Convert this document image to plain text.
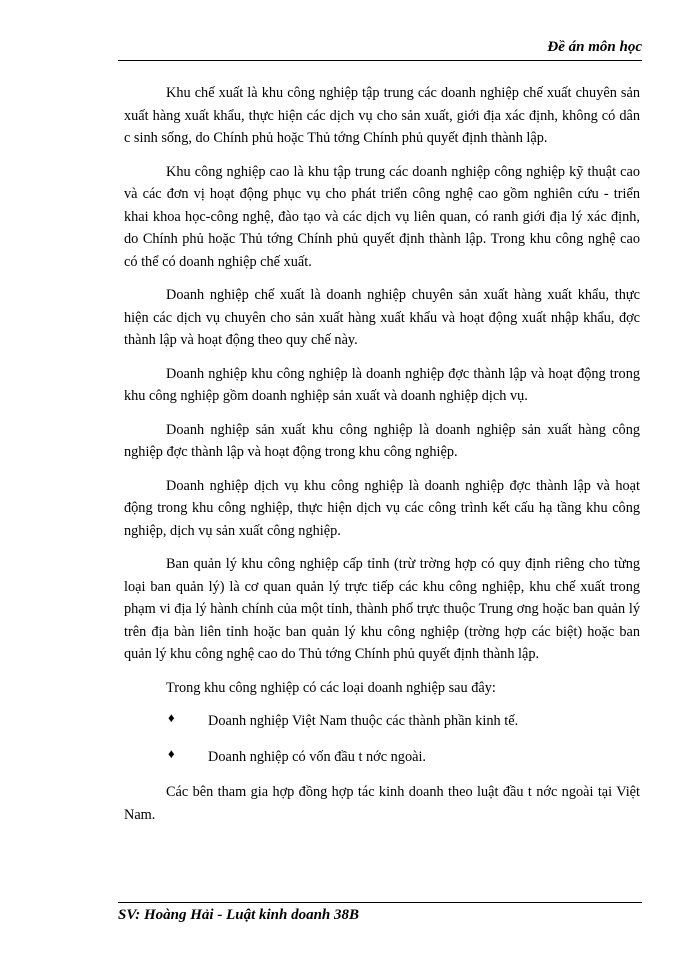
Đề án môn học

Khu chế xuất là khu công nghiệp tập trung các doanh nghiệp chế xuất chuyên sản xuất hàng xuất khẩu, thực hiện các dịch vụ cho sản xuất, giới địa xác định, không có dân c sinh sống, do Chính phủ hoặc Thủ tớng Chính phủ quyết định thành lập.

Khu công nghiệp cao là khu tập trung các doanh nghiệp công nghiệp kỹ thuật cao và các đơn vị hoạt động phục vụ cho phát triển công nghệ cao gồm nghiên cứu - triển khai khoa học-công nghệ, đào tạo và các dịch vụ liên quan, có ranh giới địa lý xác định, do Chính phủ hoặc Thủ tớng Chính phủ quyết định thành lập. Trong khu công nghệ cao có thể có doanh nghiệp chế xuất.

Doanh nghiệp chế xuất là doanh nghiệp chuyên sản xuất hàng xuất khẩu, thực hiện các dịch vụ chuyên cho sản xuất hàng xuất khẩu và hoạt động xuất nhập khẩu, đợc thành lập và hoạt động theo quy chế này.

Doanh nghiệp khu công nghiệp là doanh nghiệp đợc thành lập và hoạt động trong khu công nghiệp gồm doanh nghiệp sản xuất và doanh nghiệp dịch vụ.

Doanh nghiệp sản xuất khu công nghiệp là doanh nghiệp sản xuất hàng công nghiệp đợc thành lập và hoạt động trong khu công nghiệp.

Doanh nghiệp dịch vụ khu công nghiệp là doanh nghiệp đợc thành lập và hoạt động trong khu công nghiệp, thực hiện dịch vụ các công trình kết cấu hạ tầng khu công nghiệp, dịch vụ sản xuất công nghiệp.

Ban quản lý khu công nghiệp cấp tỉnh (trừ trờng hợp có quy định riêng cho từng loại ban quản lý) là cơ quan quản lý trực tiếp các khu công nghiệp, khu chế xuất trong phạm vi địa lý hành chính của một tỉnh, thành phố trực thuộc Trung ơng hoặc ban quản lý trên địa bàn liên tỉnh hoặc ban quản lý khu công nghiệp (trờng hợp các biệt) hoặc ban quản lý khu công nghệ cao do Thủ tớng Chính phủ quyết định thành lập.

Trong khu công nghiệp có các loại doanh nghiệp sau đây:

♦ Doanh nghiệp Việt Nam thuộc các thành phần kinh tế.
♦ Doanh nghiệp có vốn đầu t nớc ngoài.

Các bên tham gia hợp đồng hợp tác kinh doanh theo luật đầu t nớc ngoài tại Việt Nam.

SV: Hoàng Hải - Luật kinh doanh 38B
